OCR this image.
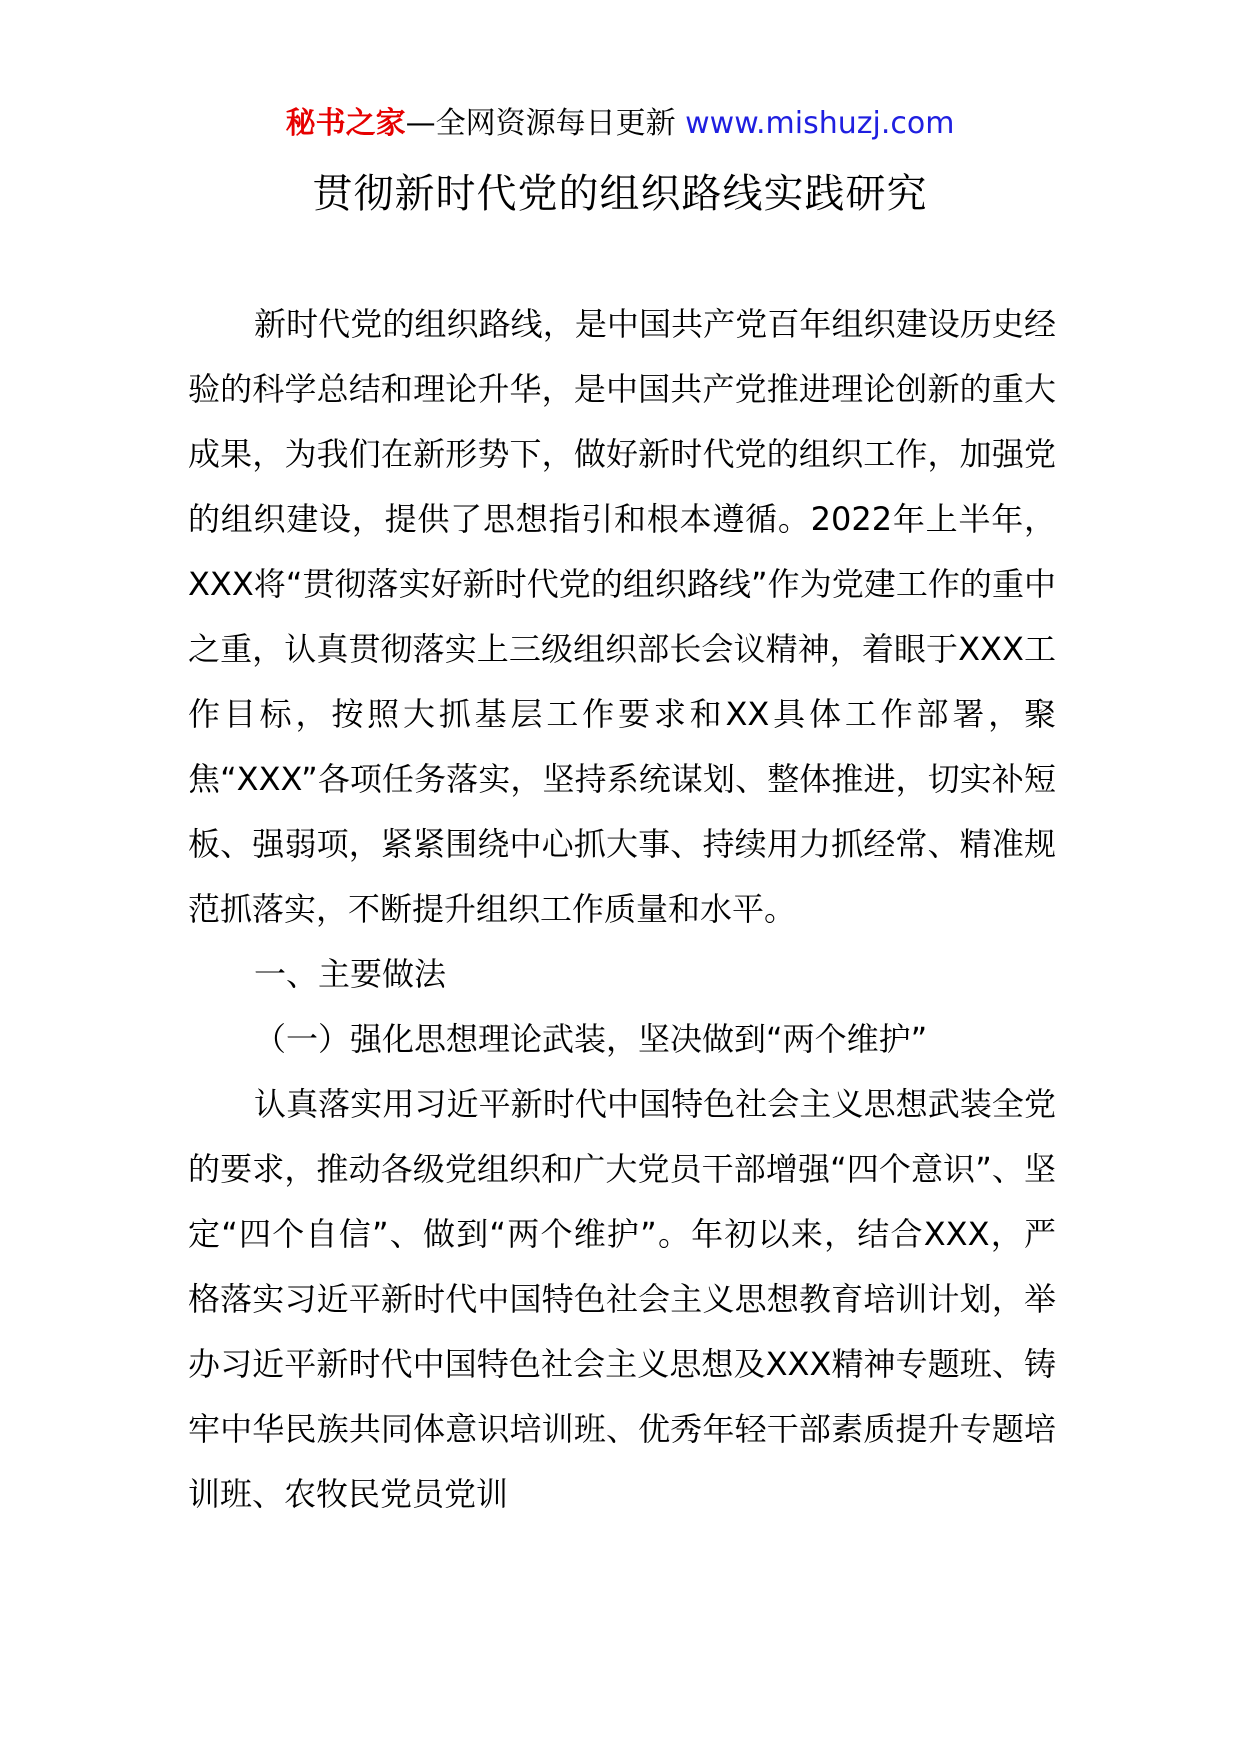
秘书之家—全网资源每日更新 www.mishuzj.com
贯彻新时代党的组织路线实践研究

新时代党的组织路线，是中国共产党百年组织建设历史经验的科学总结和理论升华，是中国共产党推进理论创新的重大成果，为我们在新形势下，做好新时代党的组织工作，加强党的组织建设，提供了思想指引和根本遵循。2022年上半年，XXX将“贯彻落实好新时代党的组织路线”作为党建工作的重中之重，认真贯彻落实上三级组织部长会议精神，着眼于XXX工作目标，按照大抓基层工作要求和XX具体工作部署，聚焦“XXX”各项任务落实，坚持系统谋划、整体推进，切实补短板、强弱项，紧紧围绕中心抓大事、持续用力抓经常、精准规范抓落实，不断提升组织工作质量和水平。

一、主要做法

（一）强化思想理论武装，坚决做到“两个维护”

认真落实用习近平新时代中国特色社会主义思想武装全党的要求，推动各级党组织和广大党员干部增强“四个意识”、坚定“四个自信”、做到“两个维护”。年初以来，结合XXX，严格落实习近平新时代中国特色社会主义思想教育培训计划，举办习近平新时代中国特色社会主义思想及XXX精神专题班、铸牢中华民族共同体意识培训班、优秀年轻干部素质提升专题培训班、农牧民党员党训
